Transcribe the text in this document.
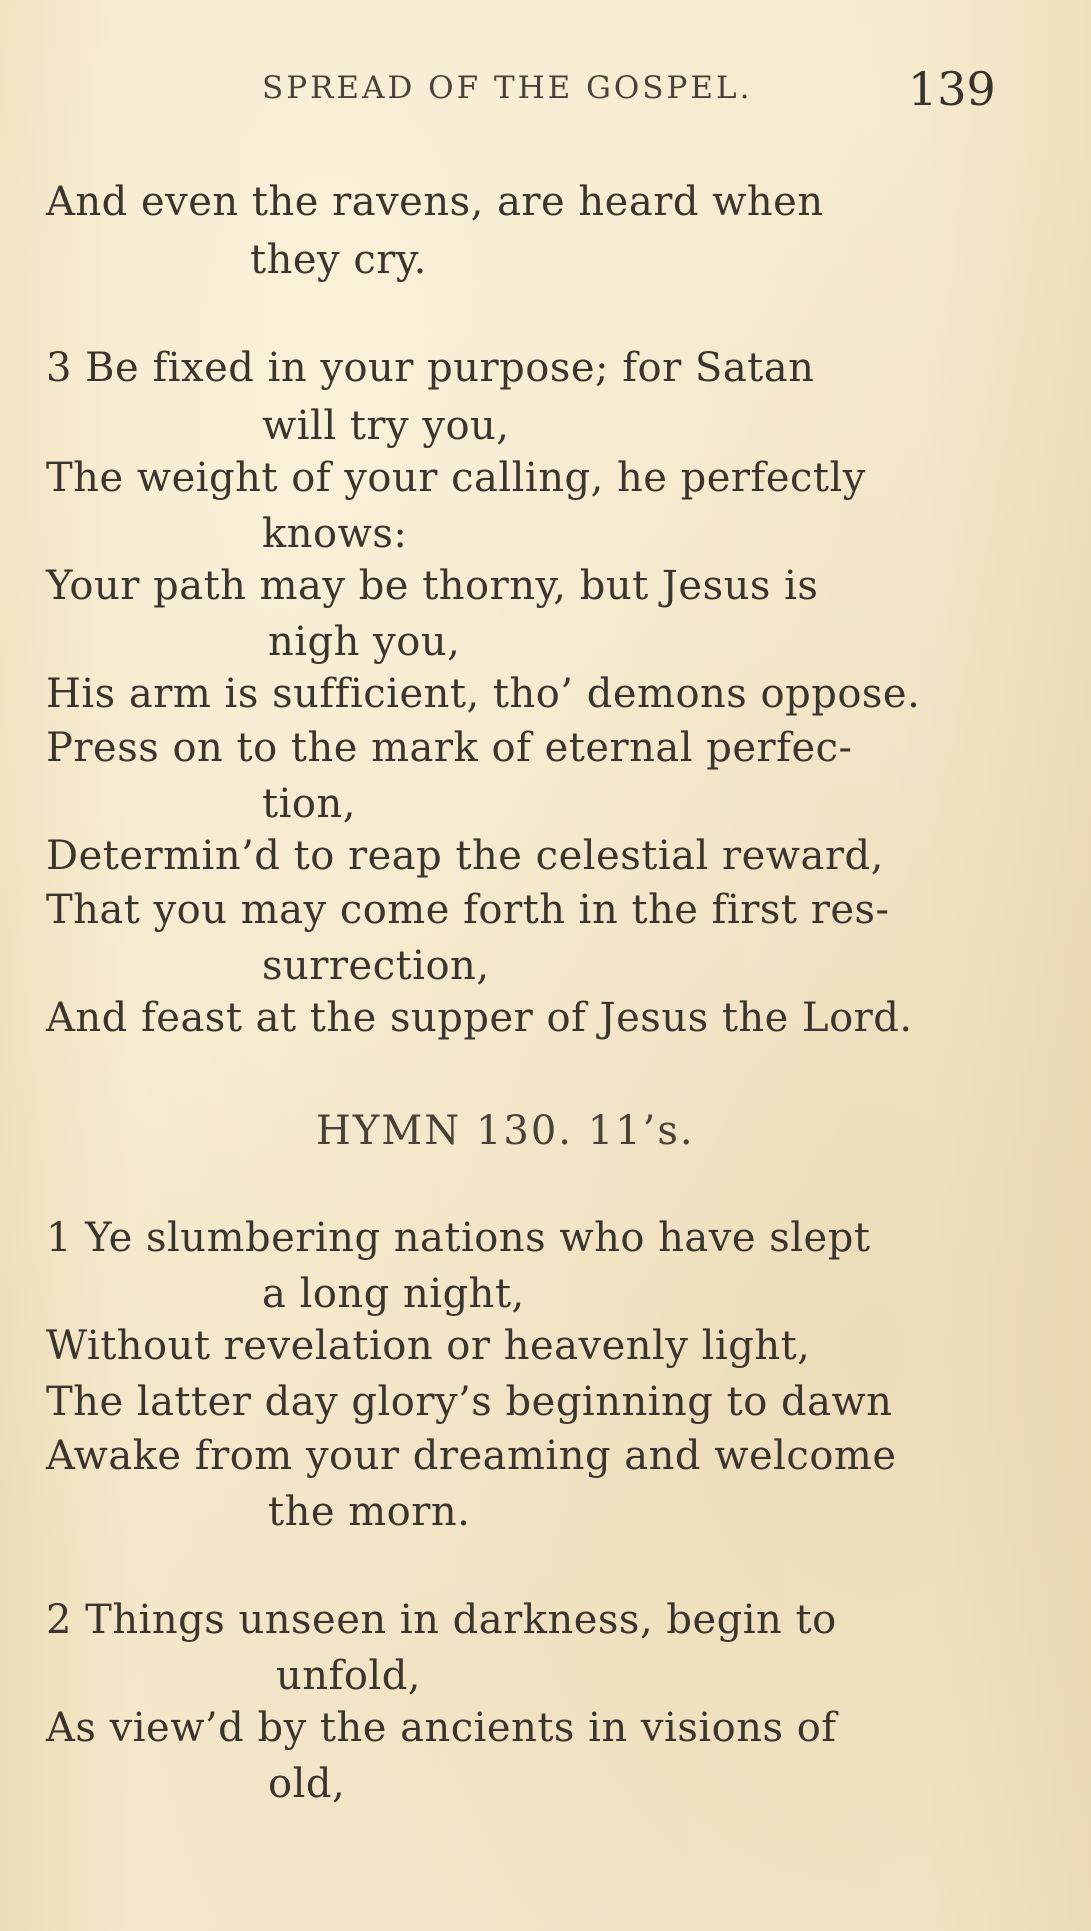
SPREAD OF THE GOSPEL.	139
And even the ravens, are heard when
they cry.
3 Be fixed in your purpose; for Satan
will try you,
The weight of your calling, he perfectly
knows:
Your path may be thorny, but Jesus is
nigh you,
His arm is sufficient, tho’ demons oppose.
Press on to the mark of eternal perfec-
tion,
Determin’d to reap the celestial reward,
That you may come forth in the first res-
surrection,
And feast at the supper of Jesus the Lord.
HYMN 130. 11’s.
1 Ye slumbering nations who have slept
a long night,
Without revelation or heavenly light,
The latter day glory’s beginning to dawn
Awake from your dreaming and welcome
the morn.
2 Things unseen in darkness, begin to
unfold,
As view’d by the ancients in visions of
old,
